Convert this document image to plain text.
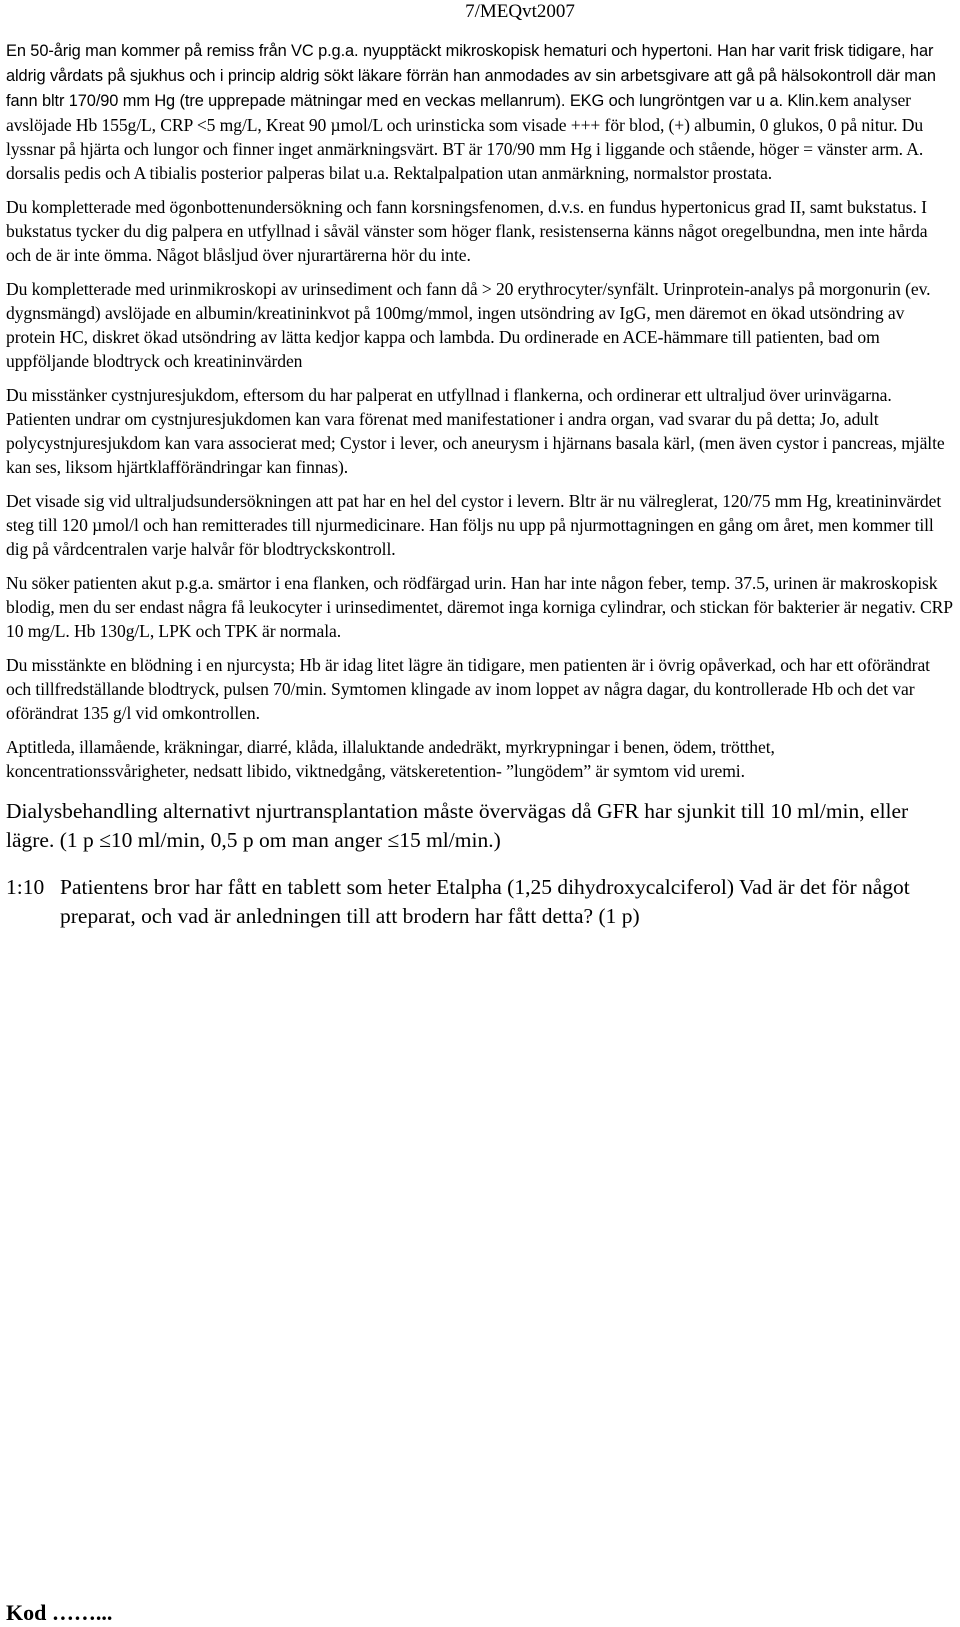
7/MEQvt2007

En 50-årig man kommer på remiss från VC p.g.a. nyupptäckt mikroskopisk hematuri och hypertoni. Han har varit frisk tidigare, har aldrig vårdats på sjukhus och i princip aldrig sökt läkare förrän han anmodades av sin arbetsgivare att gå på hälsokontroll där man fann bltr 170/90 mm Hg (tre upprepade mätningar med en veckas mellanrum). EKG och lungröntgen var u a. Klin.kem analyser avslöjade Hb 155g/L, CRP <5 mg/L, Kreat 90 µmol/L och urinsticka som visade +++ för blod, (+) albumin, 0 glukos, 0 på nitur. Du lyssnar på hjärta och lungor och finner inget anmärkningsvärt. BT är 170/90 mm Hg i liggande och stående, höger = vänster arm. A. dorsalis pedis och A tibialis posterior palperas bilat u.a. Rektalpalpation utan anmärkning, normalstor prostata.

Du kompletterade med ögonbottenundersökning och fann korsningsfenomen, d.v.s. en fundus hypertonicus grad II, samt bukstatus. I bukstatus tycker du dig palpera en utfyllnad i såväl vänster som höger flank, resistenserna känns något oregelbundna, men inte hårda och de är inte ömma. Något blåsljud över njurartärerna hör du inte.

Du kompletterade med urinmikroskopi av urinsediment och fann då > 20 erythrocyter/synfält. Urinprotein-analys på morgonurin (ev. dygnsmängd) avslöjade en albumin/kreatininkvot på 100mg/mmol, ingen utsöndring av IgG, men däremot en ökad utsöndring av protein HC, diskret ökad utsöndring av lätta kedjor kappa och lambda. Du ordinerade en ACE-hämmare till patienten, bad om uppföljande blodtryck och kreatininvärden

Du misstänker cystnjuresjukdom, eftersom du har palperat en utfyllnad i flankerna, och ordinerar ett ultraljud över urinvägarna. Patienten undrar om cystnjuresjukdomen kan vara förenat med manifestationer i andra organ, vad svarar du på detta; Jo, adult polycystnjuresjukdom kan vara associerat med; Cystor i lever, och aneurysm i hjärnans basala kärl, (men även cystor i pancreas, mjälte kan ses, liksom hjärtklafförändringar kan finnas).

Det visade sig vid ultraljudsundersökningen att pat har en hel del cystor i levern. Bltr är nu välreglerat, 120/75 mm Hg, kreatininvärdet steg till 120 µmol/l och han remitterades till njurmedicinare. Han följs nu upp på njurmottagningen en gång om året, men kommer till dig på vårdcentralen varje halvår för blodtryckskontroll.

Nu söker patienten akut p.g.a. smärtor i ena flanken, och rödfärgad urin. Han har inte någon feber, temp. 37.5, urinen är makroskopisk blodig, men du ser endast några få leukocyter i urinsedimentet, däremot inga korniga cylindrar, och stickan för bakterier är negativ. CRP 10 mg/L. Hb 130g/L, LPK och TPK är normala.

Du misstänkte en blödning i en njurcysta; Hb är idag litet lägre än tidigare, men patienten är i övrig opåverkad, och har ett oförändrat och tillfredställande blodtryck, pulsen 70/min. Symtomen klingade av inom loppet av några dagar, du kontrollerade Hb och det var oförändrat 135 g/l vid omkontrollen.

Aptitleda, illamående, kräkningar, diarré, klåda, illaluktande andedräkt, myrkrypningar i benen, ödem, trötthet, koncentrationssvårigheter, nedsatt libido, viktnedgång, vätskeretention- ”lungödem” är symtom vid uremi.

Dialysbehandling alternativt njurtransplantation måste övervägas då GFR har sjunkit till 10 ml/min, eller lägre. (1 p ≤10 ml/min, 0,5 p om man anger ≤15 ml/min.)

1:10 Patientens bror har fått en tablett som heter Etalpha (1,25 dihydroxycalciferol) Vad är det för något preparat, och vad är anledningen till att brodern har fått detta? (1 p)
Kod ……...
